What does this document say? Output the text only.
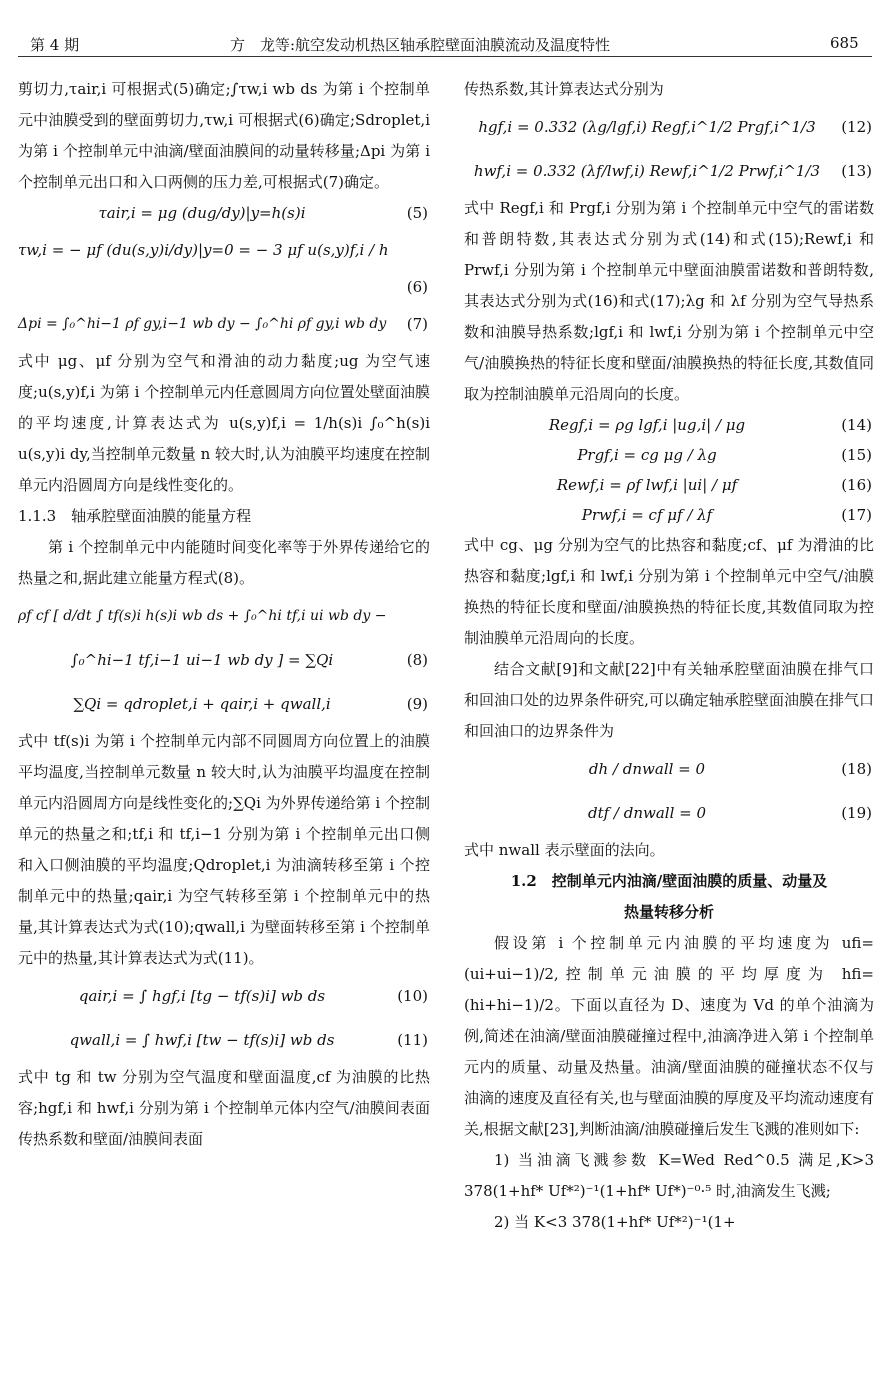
第 4 期	方　龙等:航空发动机热区轴承腔壁面油膜流动及温度特性	685

剪切力,τair,i 可根据式(5)确定;∫τw,i wb ds 为第 i 个控制单元中油膜受到的壁面剪切力,τw,i 可根据式(6)确定;Sdroplet,i 为第 i 个控制单元中油滴/壁面油膜间的动量转移量;Δpi 为第 i 个控制单元出口和入口两侧的压力差,可根据式(7)确定。

τair,i = μg (dug/dy)|y=h(s)i	(5)
τw,i = − μf (du(s,y)i/dy)|y=0 = − 3 μf u(s,y)f,i / h
(6)
Δpi = ∫₀^hi−1 ρf gy,i−1 wb dy − ∫₀^hi ρf gy,i wb dy (7)

式中 μg、μf 分别为空气和滑油的动力黏度;ug 为空气速度;u(s,y)f,i 为第 i 个控制单元内任意圆周方向位置处壁面油膜的平均速度,计算表达式为 u(s,y)f,i = 1/h(s)i ∫₀^h(s)i u(s,y)i dy,当控制单元数量 n 较大时,认为油膜平均速度在控制单元内沿圆周方向是线性变化的。

1.1.3　轴承腔壁面油膜的能量方程

第 i 个控制单元中内能随时间变化率等于外界传递给它的热量之和,据此建立能量方程式(8)。

ρf cf [ d/dt ∫ tf(s)i h(s)i wb ds + ∫₀^hi tf,i ui wb dy −
∫₀^hi−1 tf,i−1 ui−1 wb dy ] = ∑Qi	(8)
∑Qi = qdroplet,i + qair,i + qwall,i	(9)

式中 tf(s)i 为第 i 个控制单元内部不同圆周方向位置上的油膜平均温度,当控制单元数量 n 较大时,认为油膜平均温度在控制单元内沿圆周方向是线性变化的;∑Qi 为外界传递给第 i 个控制单元的热量之和;tf,i 和 tf,i−1 分别为第 i 个控制单元出口侧和入口侧油膜的平均温度;Qdroplet,i 为油滴转移至第 i 个控制单元中的热量;qair,i 为空气转移至第 i 个控制单元中的热量,其计算表达式为式(10);qwall,i 为壁面转移至第 i 个控制单元中的热量,其计算表达式为式(11)。

qair,i = ∫ hgf,i [tg − tf(s)i] wb ds	(10)
qwall,i = ∫ hwf,i [tw − tf(s)i] wb ds	(11)

式中 tg 和 tw 分别为空气温度和壁面温度,cf 为油膜的比热容;hgf,i 和 hwf,i 分别为第 i 个控制单元体内空气/油膜间表面传热系数和壁面/油膜间表面

传热系数,其计算表达式分别为

hgf,i = 0.332 (λg/lgf,i) Regf,i^1/2 Prgf,i^1/3	(12)
hwf,i = 0.332 (λf/lwf,i) Rewf,i^1/2 Prwf,i^1/3	(13)

式中 Regf,i 和 Prgf,i 分别为第 i 个控制单元中空气的雷诺数和普朗特数,其表达式分别为式(14)和式(15);Rewf,i 和 Prwf,i 分别为第 i 个控制单元中壁面油膜雷诺数和普朗特数,其表达式分别为式(16)和式(17);λg 和 λf 分别为空气导热系数和油膜导热系数;lgf,i 和 lwf,i 分别为第 i 个控制单元中空气/油膜换热的特征长度和壁面/油膜换热的特征长度,其数值同取为控制油膜单元沿周向的长度。

Regf,i = ρg lgf,i |ug,i| / μg	(14)
Prgf,i = cg μg / λg	(15)
Rewf,i = ρf lwf,i |ui| / μf	(16)
Prwf,i = cf μf / λf	(17)

式中 cg、μg 分别为空气的比热容和黏度;cf、μf 为滑油的比热容和黏度;lgf,i 和 lwf,i 分别为第 i 个控制单元中空气/油膜换热的特征长度和壁面/油膜换热的特征长度,其数值同取为控制油膜单元沿周向的长度。

结合文献[9]和文献[22]中有关轴承腔壁面油膜在排气口和回油口处的边界条件研究,可以确定轴承腔壁面油膜在排气口和回油口的边界条件为

dh / dnwall = 0	(18)
dtf / dnwall = 0	(19)

式中 nwall 表示壁面的法向。

1.2　控制单元内油滴/壁面油膜的质量、动量及

热量转移分析

假设第 i 个控制单元内油膜的平均速度为 ufi=(ui+ui−1)/2,控制单元油膜的平均厚度为 hfi=(hi+hi−1)/2。下面以直径为 D、速度为 Vd 的单个油滴为例,简述在油滴/壁面油膜碰撞过程中,油滴净进入第 i 个控制单元内的质量、动量及热量。油滴/壁面油膜的碰撞状态不仅与油滴的速度及直径有关,也与壁面油膜的厚度及平均流动速度有关,根据文献[23],判断油滴/油膜碰撞后发生飞溅的准则如下:

1) 当油滴飞溅参数 K=Wed Red^0.5 满足,K>3 378(1+hf* Uf*²)⁻¹(1+hf* Uf*)⁻⁰·⁵ 时,油滴发生飞溅;

2) 当 K<3 378(1+hf* Uf*²)⁻¹(1+
